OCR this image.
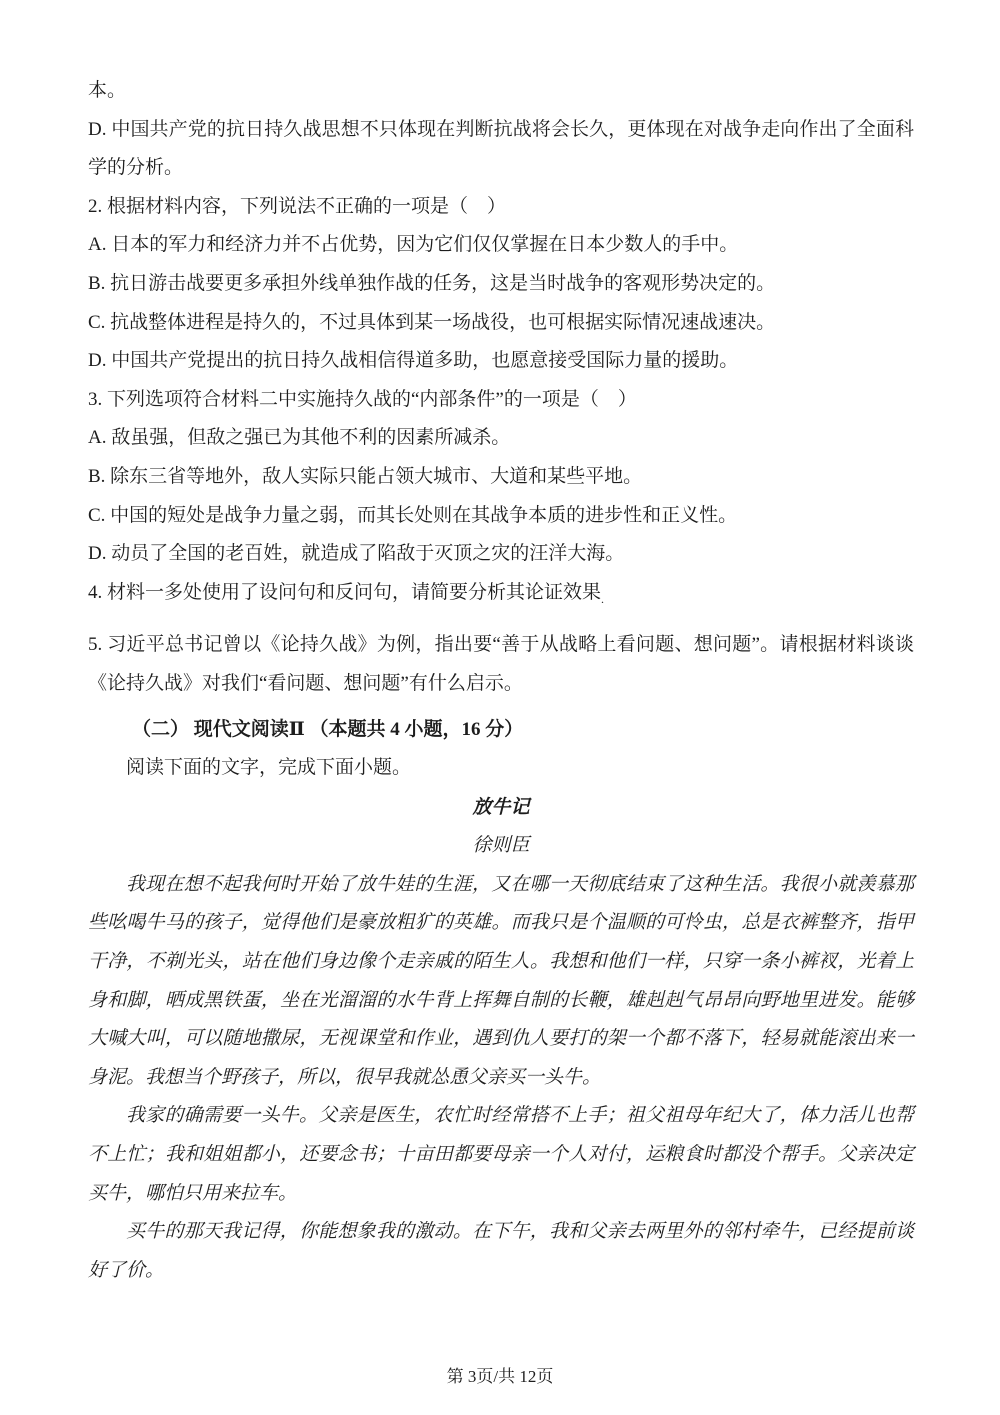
本。

D. 中国共产党的抗日持久战思想不只体现在判断抗战将会长久，更体现在对战争走向作出了全面科学的分析。

2. 根据材料内容，下列说法不正确的一项是（　）

A. 日本的军力和经济力并不占优势，因为它们仅仅掌握在日本少数人的手中。

B. 抗日游击战要更多承担外线单独作战的任务，这是当时战争的客观形势决定的。

C. 抗战整体进程是持久的，不过具体到某一场战役，也可根据实际情况速战速决。

D. 中国共产党提出的抗日持久战相信得道多助，也愿意接受国际力量的援助。

3. 下列选项符合材料二中实施持久战的“内部条件”的一项是（　）

A. 敌虽强，但敌之强已为其他不利的因素所减杀。

B. 除东三省等地外，敌人实际只能占领大城市、大道和某些平地。

C. 中国的短处是战争力量之弱，而其长处则在其战争本质的进步性和正义性。

D. 动员了全国的老百姓，就造成了陷敌于灭顶之灾的汪洋大海。

4. 材料一多处使用了设问句和反问句，请简要分析其论证效果$_.$

5. 习近平总书记曾以《论持久战》为例，指出要“善于从战略上看问题、想问题”。请根据材料谈谈《论持久战》对我们“看问题、想问题”有什么启示。

（二） 现代文阅读Ⅱ （本题共 4 小题，16 分）

阅读下面的文字，完成下面小题。

放牛记

徐则臣

我现在想不起我何时开始了放牛娃的生涯，又在哪一天彻底结束了这种生活。我很小就羡慕那些吆喝牛马的孩子，觉得他们是豪放粗犷的英雄。而我只是个温顺的可怜虫，总是衣裤整齐，指甲干净，不剃光头，站在他们身边像个走亲戚的陌生人。我想和他们一样，只穿一条小裤衩，光着上身和脚，晒成黑铁蛋，坐在光溜溜的水牛背上挥舞自制的长鞭，雄赳赳气昂昂向野地里进发。能够大喊大叫，可以随地撒尿，无视课堂和作业，遇到仇人要打的架一个都不落下，轻易就能滚出来一身泥。我想当个野孩子，所以，很早我就怂恿父亲买一头牛。

我家的确需要一头牛。父亲是医生，农忙时经常搭不上手；祖父祖母年纪大了，体力活儿也帮不上忙；我和姐姐都小，还要念书；十亩田都要母亲一个人对付，运粮食时都没个帮手。父亲决定买牛，哪怕只用来拉车。

买牛的那天我记得，你能想象我的激动。在下午，我和父亲去两里外的邻村牵牛，已经提前谈好了价。

第 3页/共 12页
